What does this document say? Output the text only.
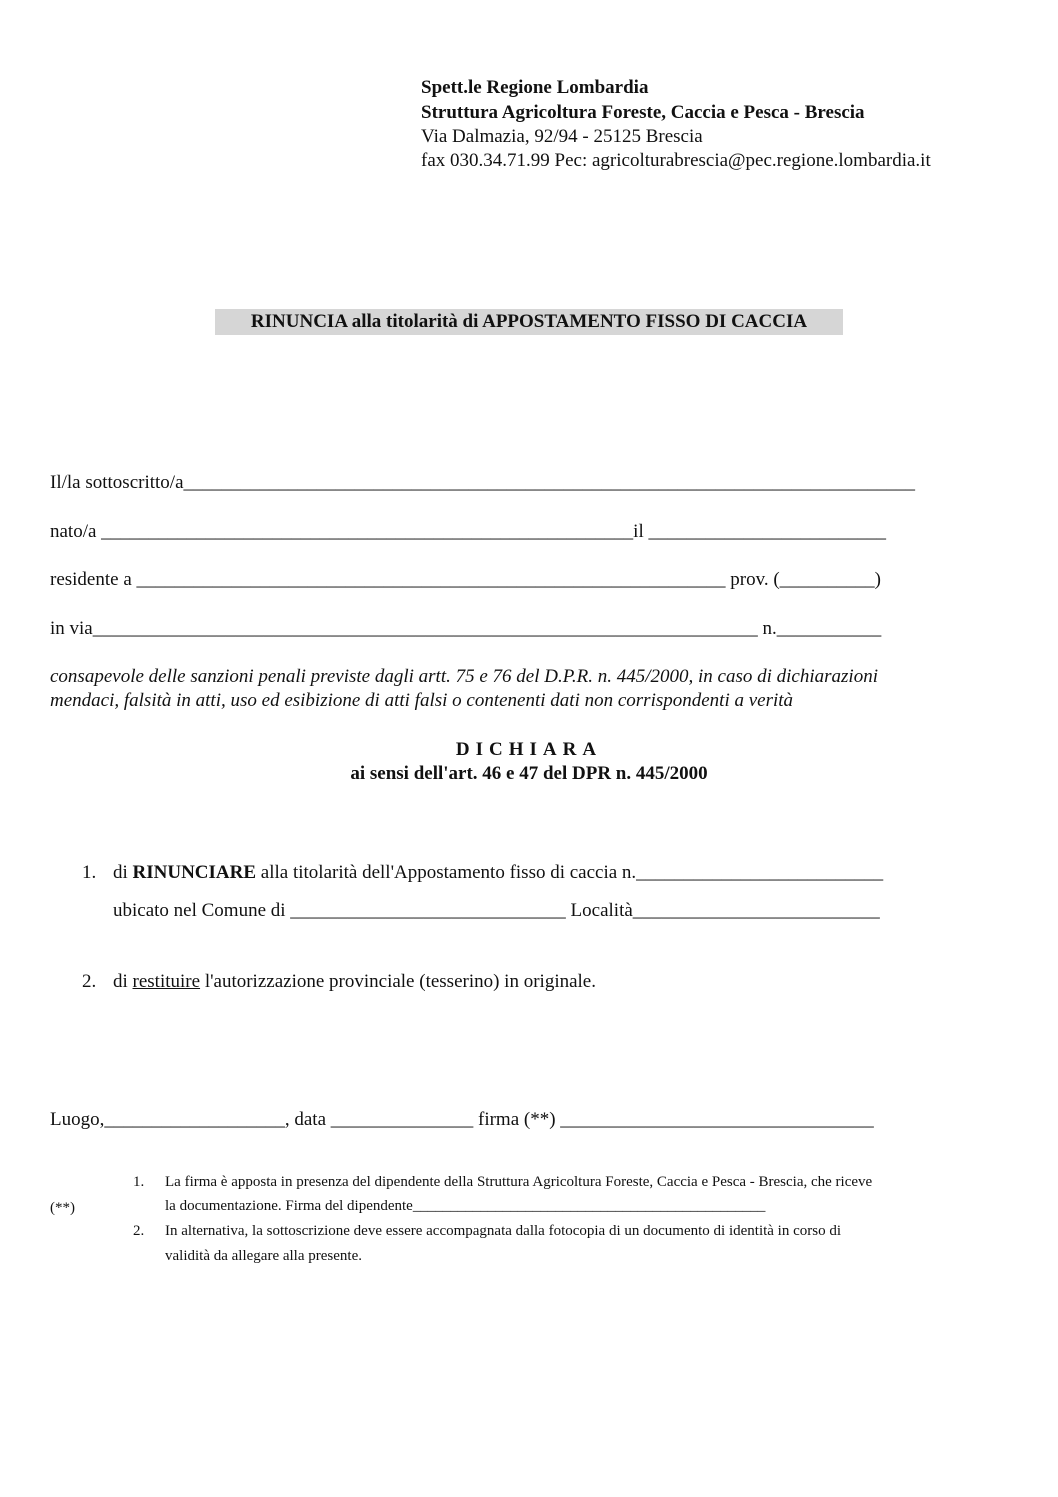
Spett.le Regione Lombardia
Struttura Agricoltura Foreste, Caccia e Pesca - Brescia
Via Dalmazia, 92/94 - 25125 Brescia
fax 030.34.71.99 Pec: agricolturabrescia@pec.regione.lombardia.it
RINUNCIA alla titolarità di APPOSTAMENTO FISSO DI CACCIA
Il/la sottoscritto/a_____________________________________________________________________________
nato/a ________________________________________________________il _________________________
residente a ______________________________________________________________ prov. (__________)
in via______________________________________________________________________ n.___________
consapevole delle sanzioni penali previste dagli artt. 75 e 76 del D.P.R. n. 445/2000, in caso di dichiarazioni
mendaci, falsità in atti, uso ed esibizione di atti falsi o contenenti dati non corrispondenti a verità
DICHIARA
ai sensi dell'art. 46 e 47 del DPR n. 445/2000
1. di RINUNCIARE alla titolarità dell'Appostamento fisso di caccia n.__________________________
ubicato nel Comune di _____________________________ Località__________________________
2. di restituire l'autorizzazione provinciale (tesserino) in originale.
Luogo,___________________, data _______________ firma (**) _________________________________
(**)
1. La firma è apposta in presenza del dipendente della Struttura Agricoltura Foreste, Caccia e Pesca - Brescia, che riceve
la documentazione. Firma del dipendente_______________________________________________
2. In alternativa, la sottoscrizione deve essere accompagnata dalla fotocopia di un documento di identità in corso di
validità da allegare alla presente.
